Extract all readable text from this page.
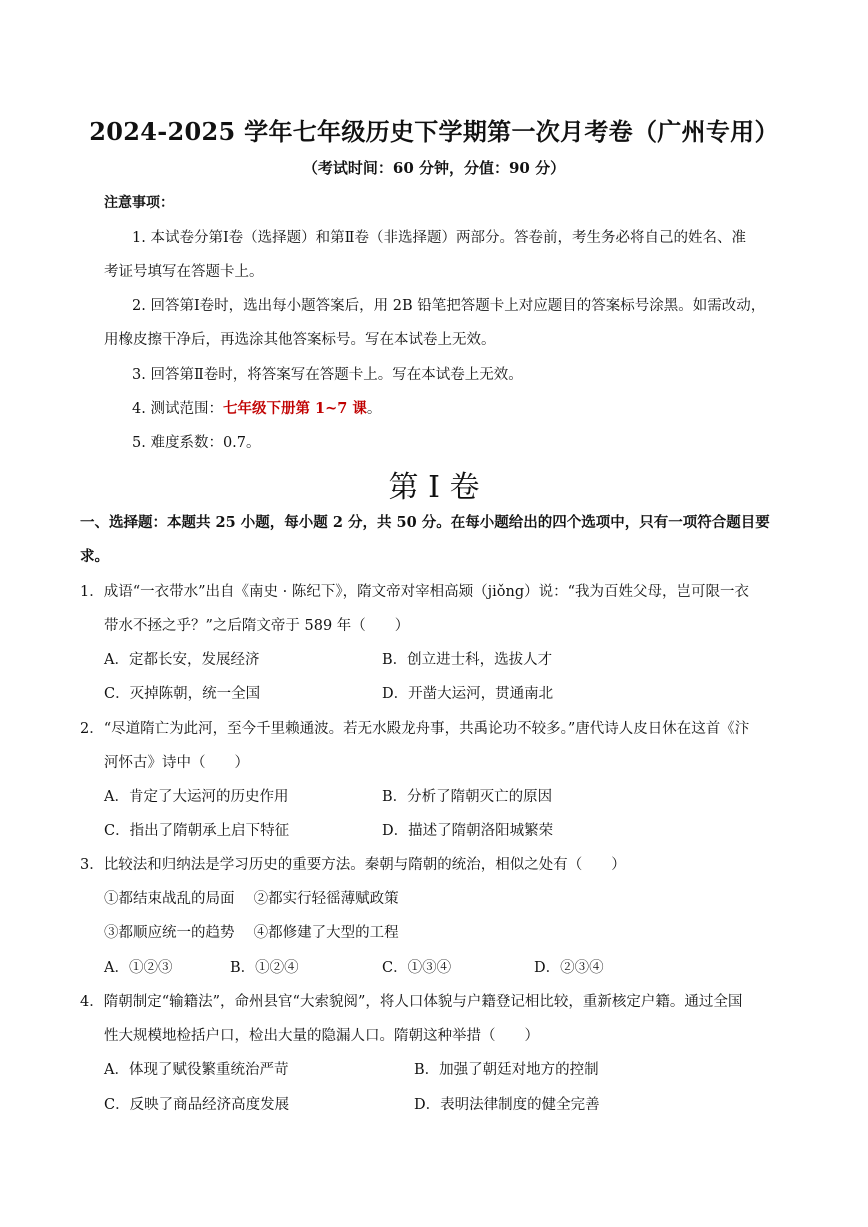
2024-2025 学年七年级历史下学期第一次月考卷（广州专用）
（考试时间：60 分钟，分值：90 分）
注意事项：
1. 本试卷分第Ⅰ卷（选择题）和第Ⅱ卷（非选择题）两部分。答卷前，考生务必将自己的姓名、准
考证号填写在答题卡上。
2. 回答第Ⅰ卷时，选出每小题答案后，用 2B 铅笔把答题卡上对应题目的答案标号涂黑。如需改动，
用橡皮擦干净后，再选涂其他答案标号。写在本试卷上无效。
3. 回答第Ⅱ卷时，将答案写在答题卡上。写在本试卷上无效。
4. 测试范围：七年级下册第 1~7 课。
5. 难度系数：0.7。
第 I 卷
一、选择题：本题共 25 小题，每小题 2 分，共 50 分。在每小题给出的四个选项中，只有一项符合题目要
求。
1．成语“一衣带水”出自《南史 · 陈纪下》，隋文帝对宰相高颎（jiǒng）说：“我为百姓父母，岂可限一衣
带水不拯之乎？”之后隋文帝于 589 年（　　）
A．定都长安，发展经济	B．创立进士科，选拔人才
C．灭掉陈朝，统一全国	D．开凿大运河，贯通南北
2．“尽道隋亡为此河，至今千里赖通波。若无水殿龙舟事，共禹论功不较多。”唐代诗人皮日休在这首《汴
河怀古》诗中（　　）
A．肯定了大运河的历史作用	B．分析了隋朝灭亡的原因
C．指出了隋朝承上启下特征	D．描述了隋朝洛阳城繁荣
3．比较法和归纳法是学习历史的重要方法。秦朝与隋朝的统治，相似之处有（　　）
①都结束战乱的局面　 ②都实行轻徭薄赋政策
③都顺应统一的趋势　 ④都修建了大型的工程
A．①②③	B．①②④	C．①③④	D．②③④
4．隋朝制定“输籍法”，命州县官“大索貌阅”，将人口体貌与户籍登记相比较，重新核定户籍。通过全国
性大规模地检括户口，检出大量的隐漏人口。隋朝这种举措（　　）
A．体现了赋役繁重统治严苛	B．加强了朝廷对地方的控制
C．反映了商品经济高度发展	D．表明法律制度的健全完善
